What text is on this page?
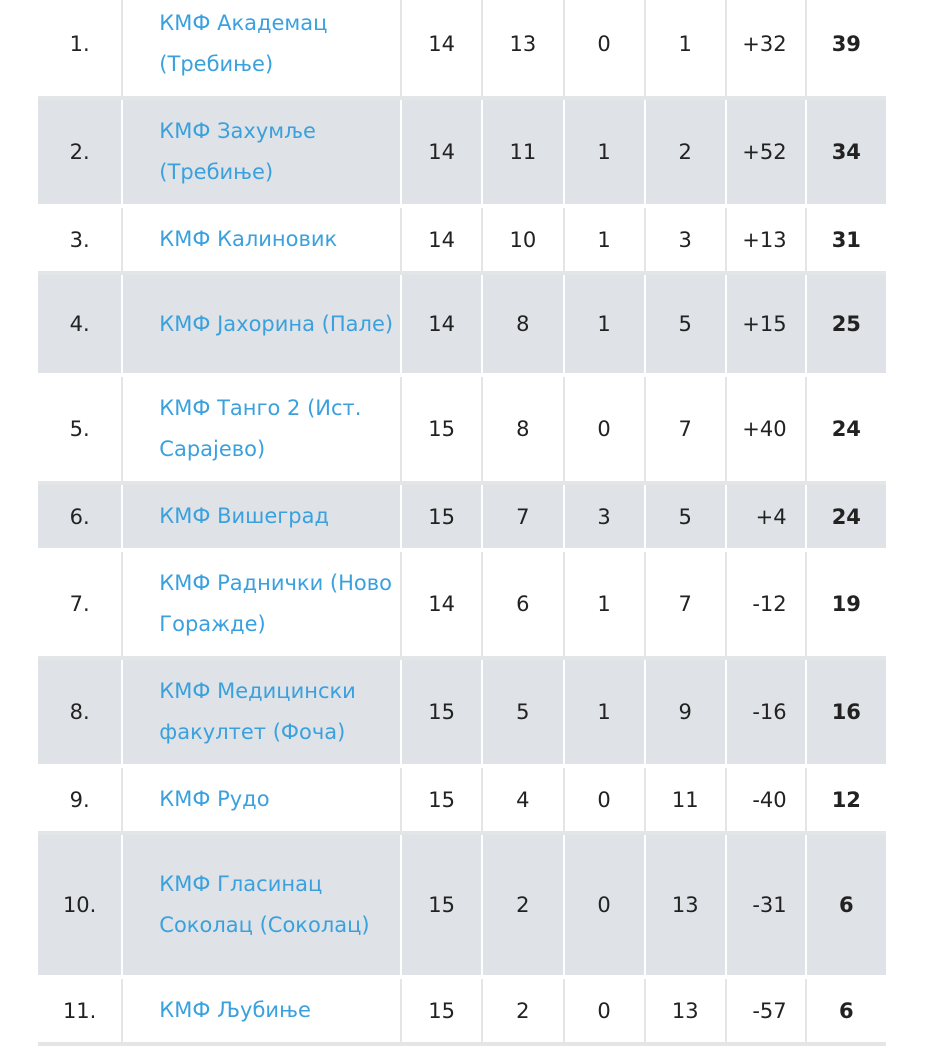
1.	КМФ Академац (Требиње)	14	13	0	1	+32	39
2.	КМФ Захумље (Требиње)	14	11	1	2	+52	34
3.	КМФ Калиновик	14	10	1	3	+13	31
4.	КМФ Јахорина (Пале)	14	8	1	5	+15	25
5.	КМФ Танго 2 (Ист. Сарајево)	15	8	0	7	+40	24
6.	КМФ Вишеград	15	7	3	5	+4	24
7.	КМФ Раднички (Ново Горажде)	14	6	1	7	-12	19
8.	КМФ Медицински факултет (Фоча)	15	5	1	9	-16	16
9.	КМФ Рудо	15	4	0	11	-40	12
10.	КМФ Гласинац Соколац (Соколац)	15	2	0	13	-31	6
11.	КМФ Љубиње	15	2	0	13	-57	6
